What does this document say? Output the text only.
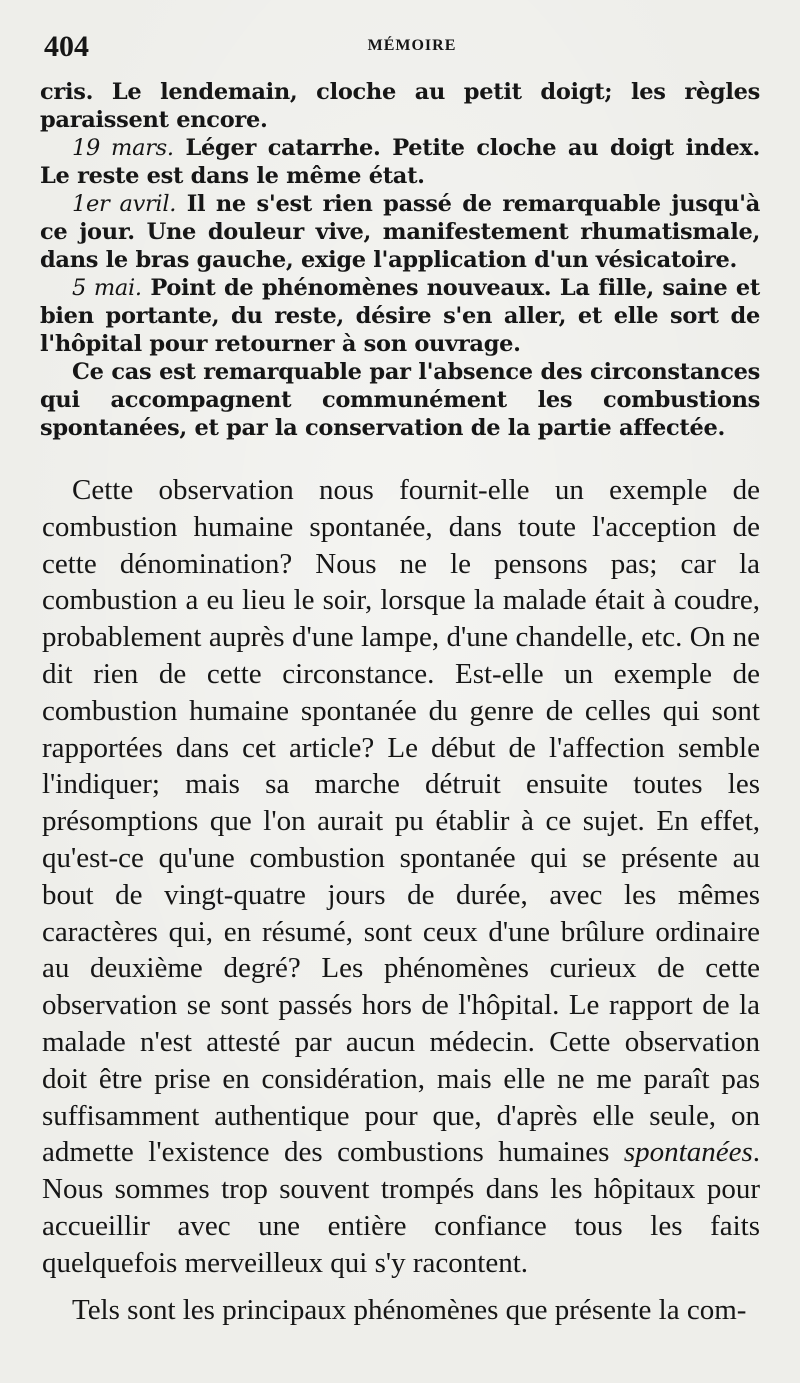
404	MÉMOIRE

cris. Le lendemain, cloche au petit doigt; les règles paraissent encore.

19 mars. Léger catarrhe. Petite cloche au doigt index. Le reste est dans le même état.

1er avril. Il ne s'est rien passé de remarquable jusqu'à ce jour. Une douleur vive, manifestement rhumatismale, dans le bras gauche, exige l'application d'un vésicatoire.

5 mai. Point de phénomènes nouveaux. La fille, saine et bien portante, du reste, désire s'en aller, et elle sort de l'hôpital pour retourner à son ouvrage.

Ce cas est remarquable par l'absence des circonstances qui accompagnent communément les combustions spontanées, et par la conservation de la partie affectée.

Cette observation nous fournit-elle un exemple de combustion humaine spontanée, dans toute l'acception de cette dénomination? Nous ne le pensons pas; car la combustion a eu lieu le soir, lorsque la malade était à coudre, probablement auprès d'une lampe, d'une chandelle, etc. On ne dit rien de cette circonstance. Est-elle un exemple de combustion humaine spontanée du genre de celles qui sont rapportées dans cet article? Le début de l'affection semble l'indiquer; mais sa marche détruit ensuite toutes les présomptions que l'on aurait pu établir à ce sujet. En effet, qu'est-ce qu'une combustion spontanée qui se présente au bout de vingt-quatre jours de durée, avec les mêmes caractères qui, en résumé, sont ceux d'une brûlure ordinaire au deuxième degré? Les phénomènes curieux de cette observation se sont passés hors de l'hôpital. Le rapport de la malade n'est attesté par aucun médecin. Cette observation doit être prise en considération, mais elle ne me paraît pas suffisamment authentique pour que, d'après elle seule, on admette l'existence des combustions humaines spontanées. Nous sommes trop souvent trompés dans les hôpitaux pour accueillir avec une entière confiance tous les faits quelquefois merveilleux qui s'y racontent.

Tels sont les principaux phénomènes que présente la com-
